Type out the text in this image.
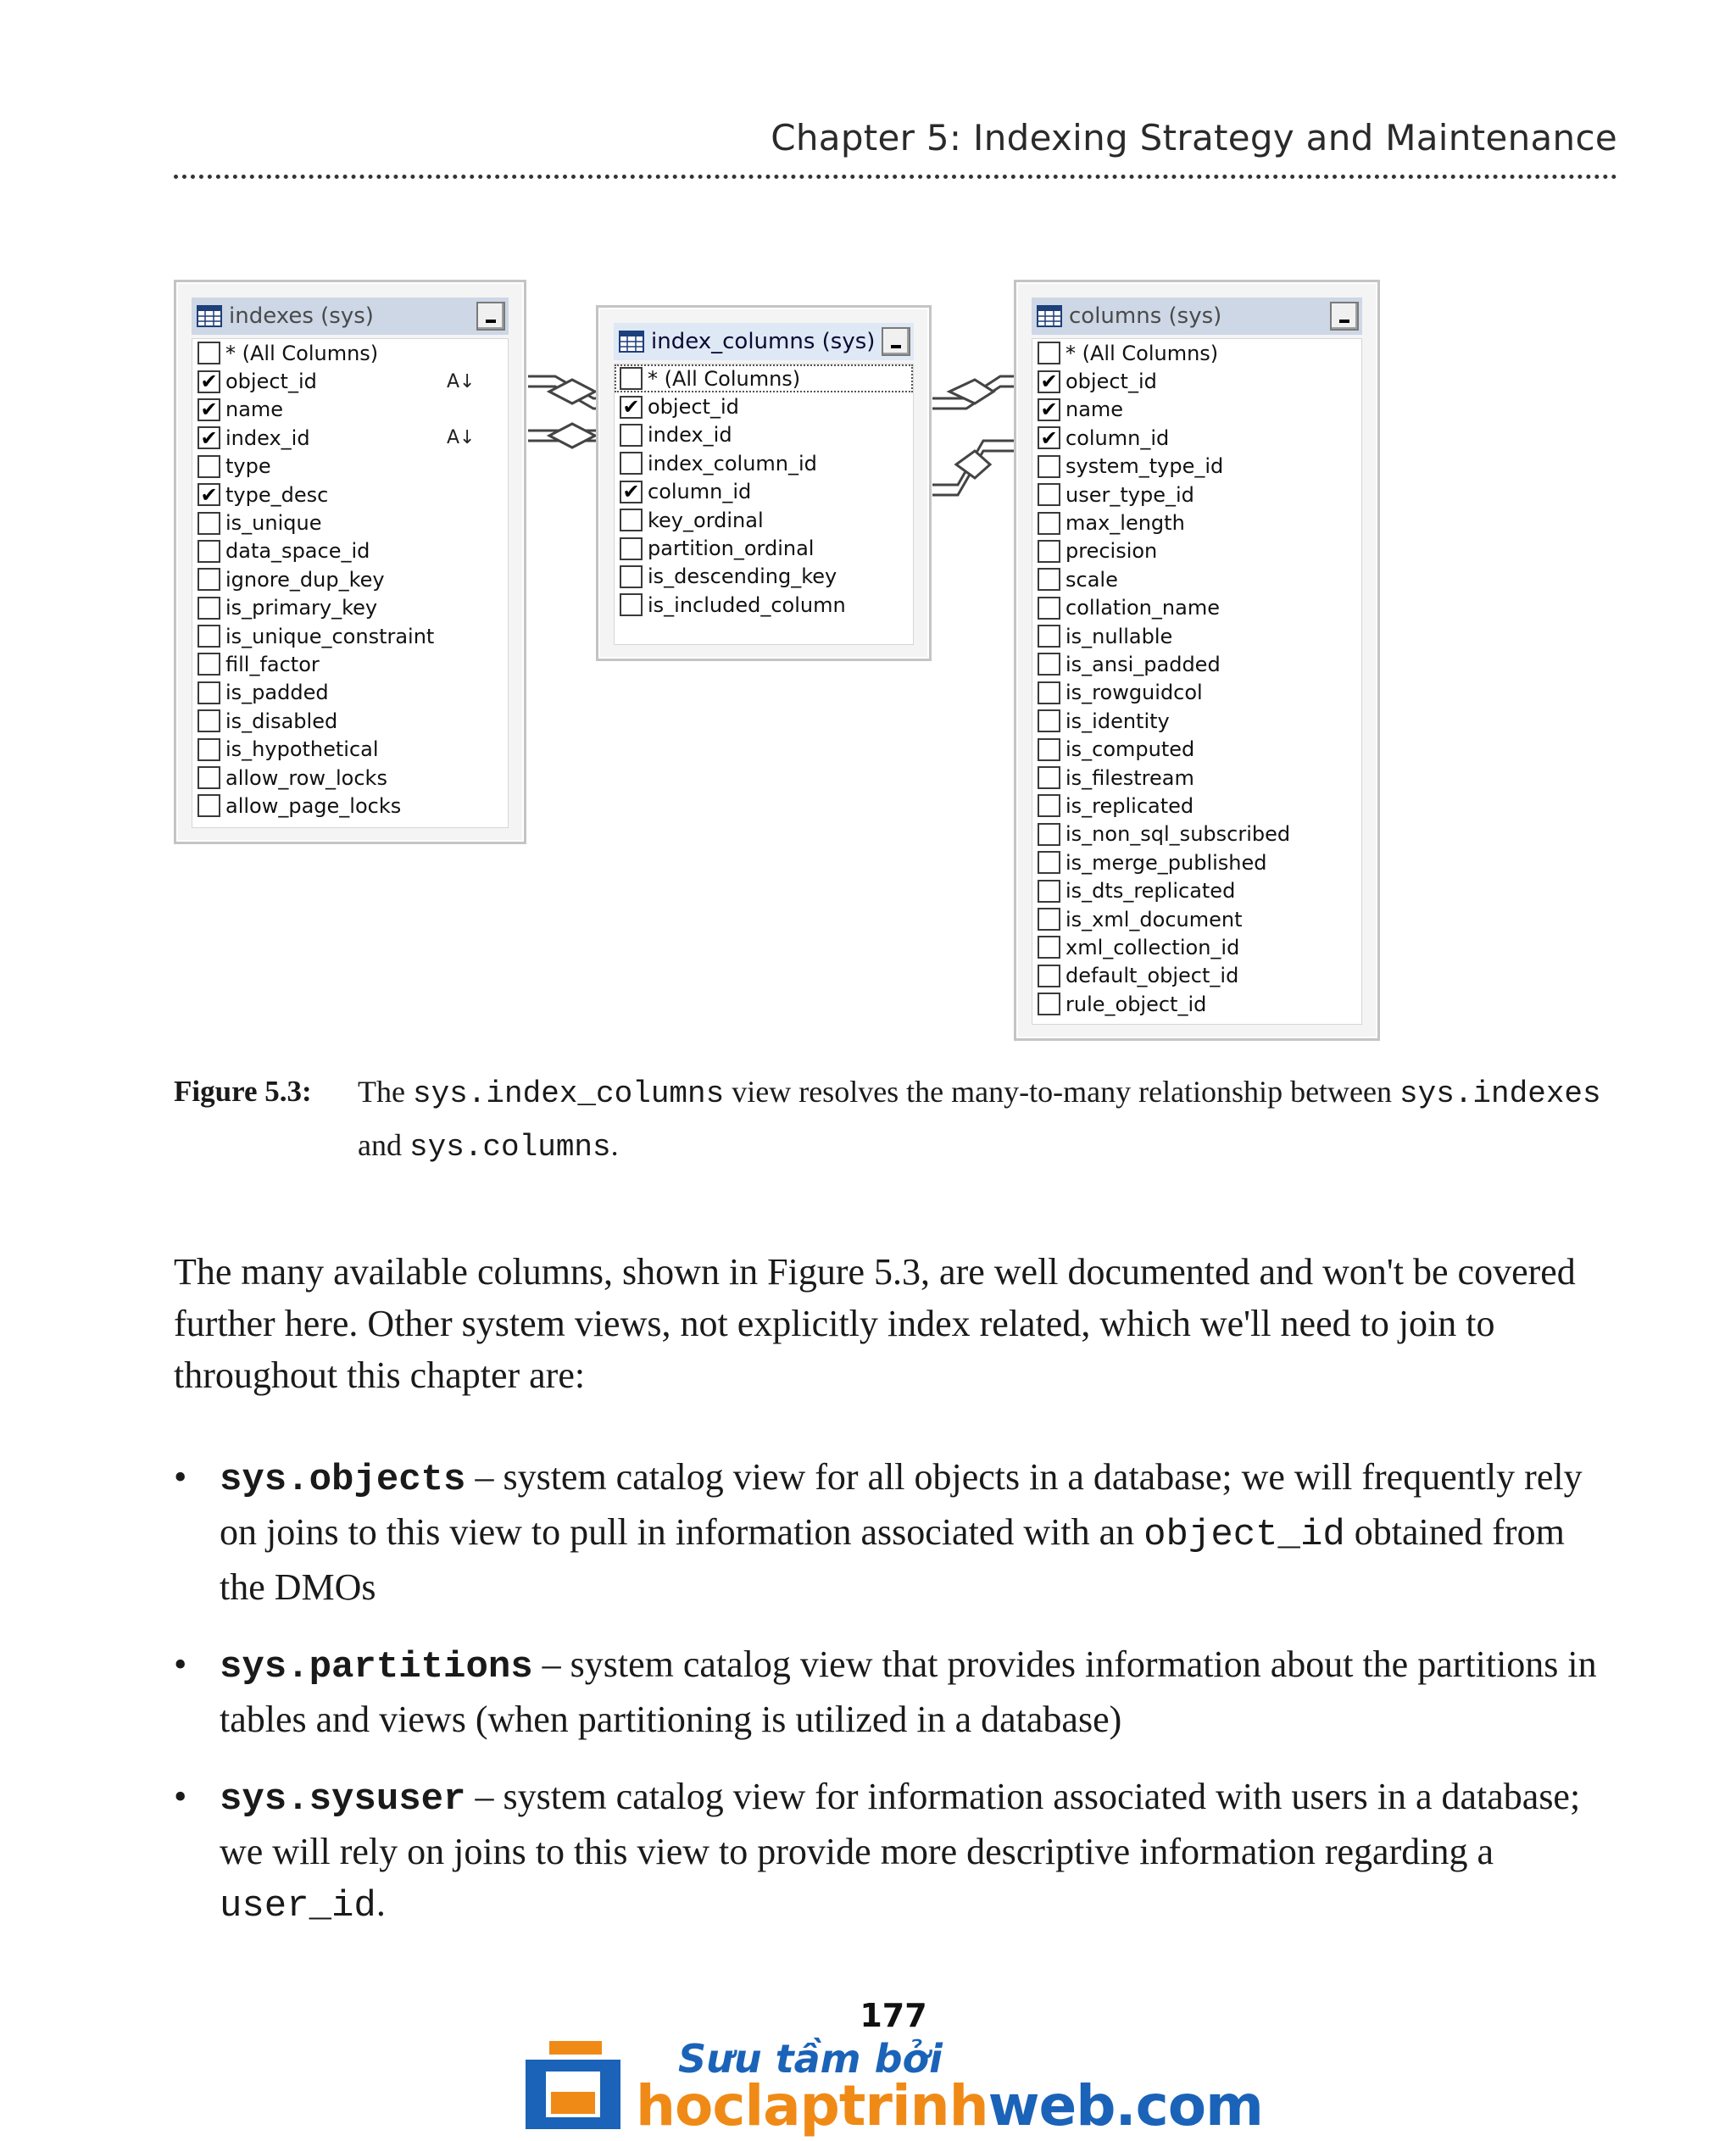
Chapter 5: Indexing Strategy and Maintenance
indexes (sys)
* (All Columns)
✔ object_id	A↓
✔ name
✔ index_id	A↓
type
✔ type_desc
is_unique
data_space_id
ignore_dup_key
is_primary_key
is_unique_constraint
fill_factor
is_padded
is_disabled
is_hypothetical
allow_row_locks
allow_page_locks
index_columns (sys)
* (All Columns)
✔ object_id
index_id
index_column_id
✔ column_id
key_ordinal
partition_ordinal
is_descending_key
is_included_column
columns (sys)
* (All Columns)
✔ object_id
✔ name
✔ column_id
system_type_id
user_type_id
max_length
precision
scale
collation_name
is_nullable
is_ansi_padded
is_rowguidcol
is_identity
is_computed
is_filestream
is_replicated
is_non_sql_subscribed
is_merge_published
is_dts_replicated
is_xml_document
xml_collection_id
default_object_id
rule_object_id
Figure 5.3: The sys.index_columns view resolves the many-to-many relationship between sys.indexes and sys.columns.

The many available columns, shown in Figure 5.3, are well documented and won't be covered further here. Other system views, not explicitly index related, which we'll need to join to throughout this chapter are:

• sys.objects – system catalog view for all objects in a database; we will frequently rely on joins to this view to pull in information associated with an object_id obtained from the DMOs
• sys.partitions – system catalog view that provides information about the partitions in tables and views (when partitioning is utilized in a database)
• sys.sysuser – system catalog view for information associated with users in a database; we will rely on joins to this view to provide more descriptive information regarding a user_id.
177
Sưu tầm bởi
hoclaptrinhweb.com
